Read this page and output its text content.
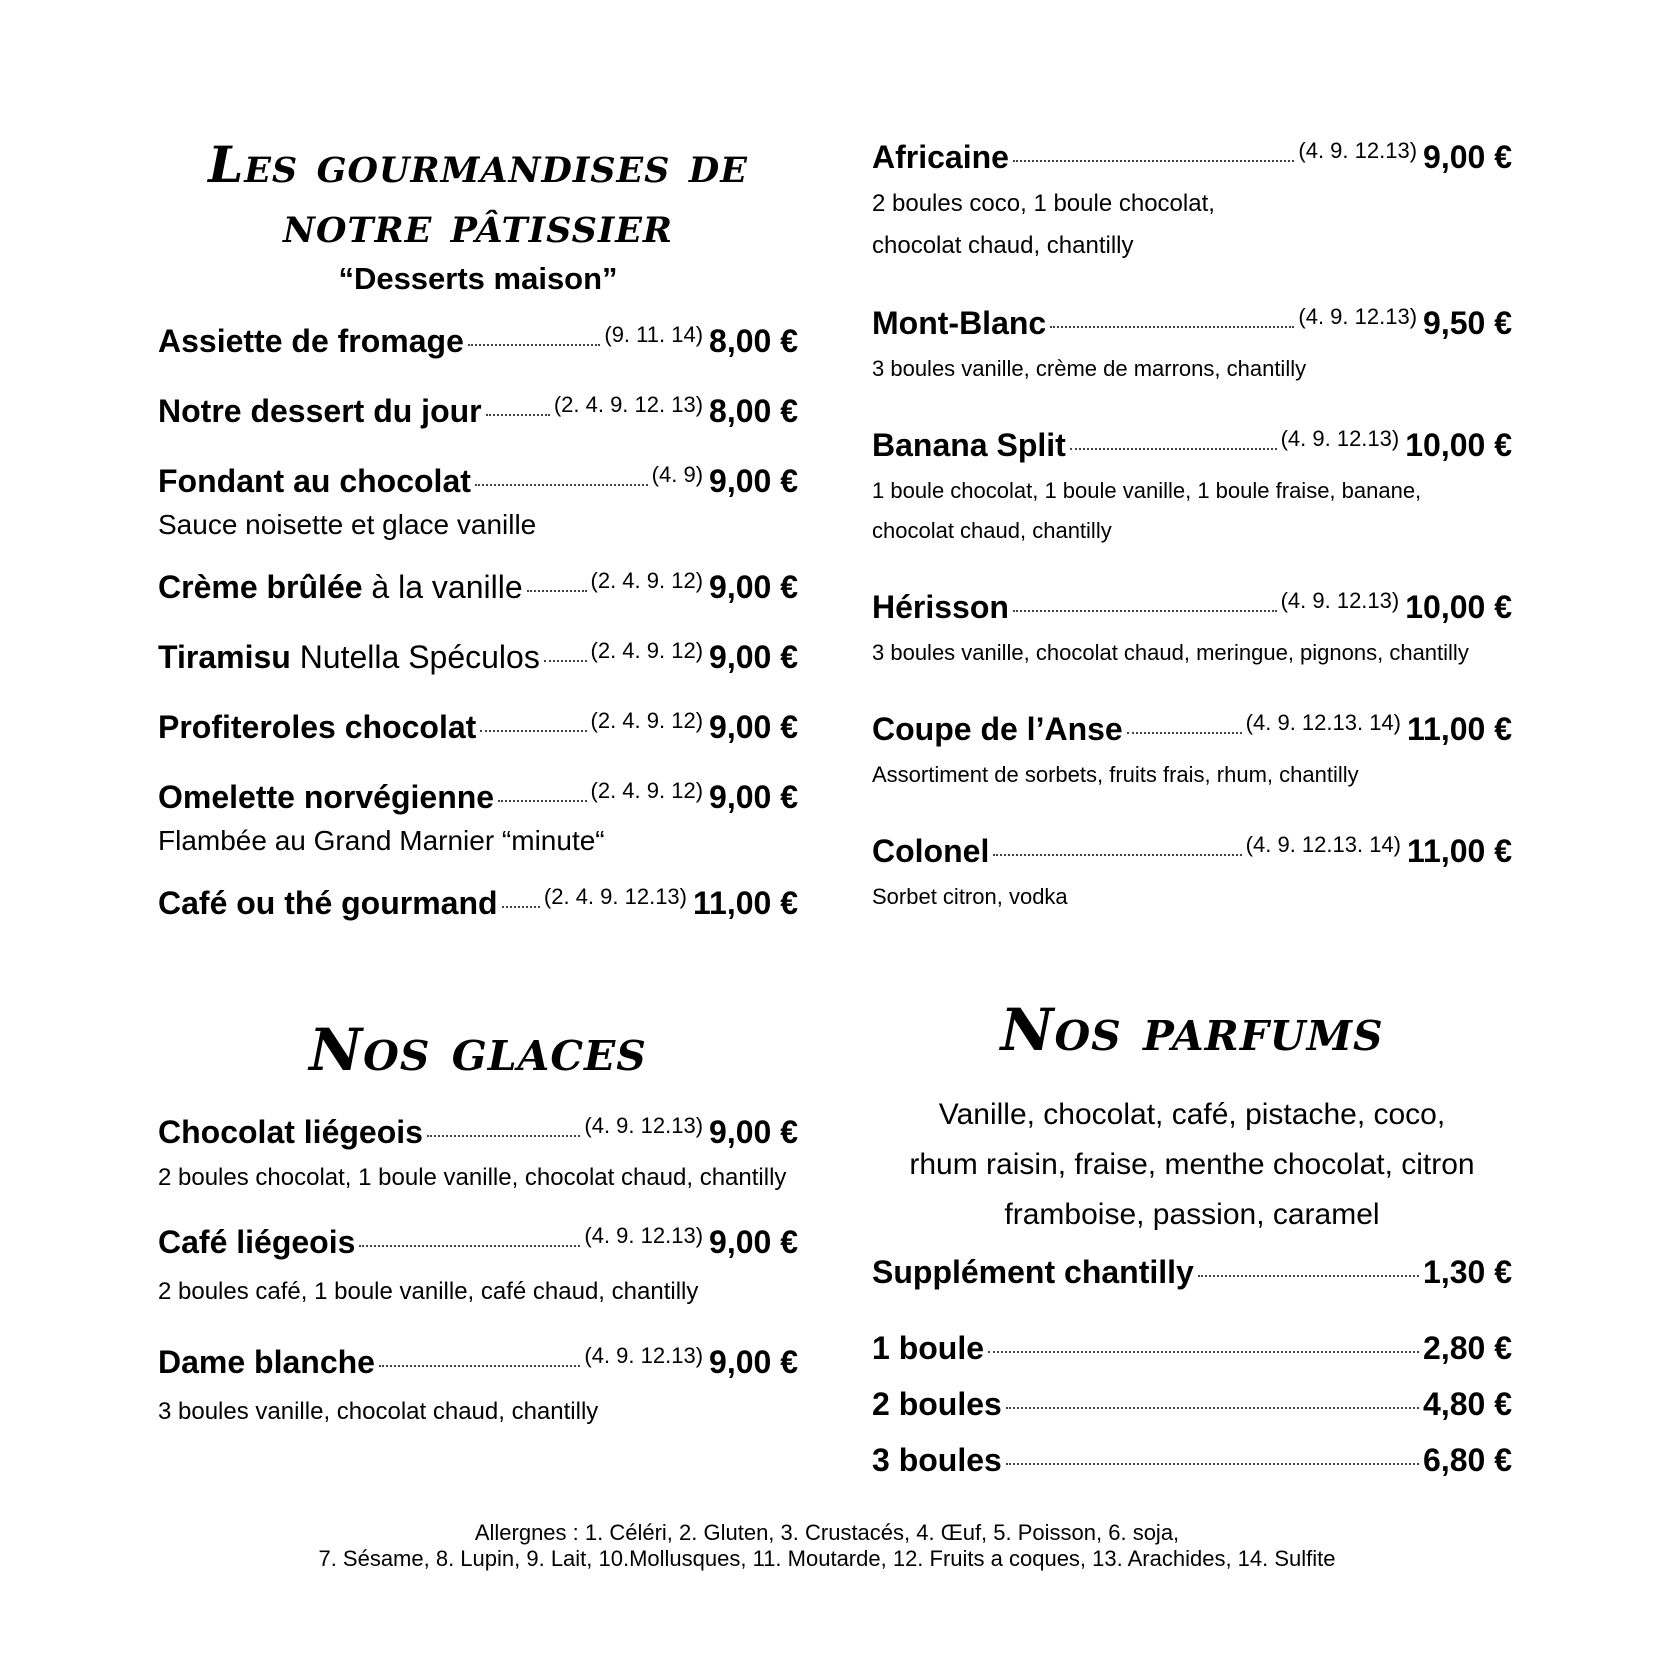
Les gourmandises de
notre pâtissier
“Desserts maison”
Assiette de fromage	(9. 11. 14) 8,00 €
Notre dessert du jour	(2. 4. 9. 12. 13) 8,00 €
Fondant au chocolat	(4. 9) 9,00 €
Sauce noisette et glace vanille
Crème brûlée à la vanille	(2. 4. 9. 12) 9,00 €
Tiramisu Nutella Spéculos (2. 4. 9. 12) 9,00 €
Profiteroles chocolat	(2. 4. 9. 12) 9,00 €
Omelette norvégienne	(2. 4. 9. 12) 9,00 €
Flambée au Grand Marnier “minute“
Café ou thé gourmand (2. 4. 9. 12.13) 11,00 €
Nos glaces
Chocolat liégeois	(4. 9. 12.13) 9,00 €
2 boules chocolat, 1 boule vanille, chocolat chaud, chantilly
Café liégeois	(4. 9. 12.13) 9,00 €
2 boules café, 1 boule vanille, café chaud, chantilly
Dame blanche	(4. 9. 12.13) 9,00 €
3 boules vanille, chocolat chaud, chantilly
Africaine	(4. 9. 12.13) 9,00 €
2 boules coco, 1 boule chocolat,
chocolat chaud, chantilly
Mont-Blanc	(4. 9. 12.13) 9,50 €
3 boules vanille, crème de marrons, chantilly
Banana Split	(4. 9. 12.13) 10,00 €
1 boule chocolat, 1 boule vanille, 1 boule fraise, banane,
chocolat chaud, chantilly
Hérisson	(4. 9. 12.13) 10,00 €
3 boules vanille, chocolat chaud, meringue, pignons, chantilly
Coupe de l’Anse	(4. 9. 12.13. 14) 11,00 €
Assortiment de sorbets, fruits frais, rhum, chantilly
Colonel	(4. 9. 12.13. 14) 11,00 €
Sorbet citron, vodka
Nos parfums
Vanille, chocolat, café, pistache, coco,
rhum raisin, fraise, menthe chocolat, citron
framboise, passion, caramel
Supplément chantilly	1,30 €
1 boule	2,80 €
2 boules	4,80 €
3 boules	6,80 €
Allergnes : 1. Céléri, 2. Gluten, 3. Crustacés, 4. Œuf, 5. Poisson, 6. soja,
7. Sésame, 8. Lupin, 9. Lait, 10.Mollusques, 11. Moutarde, 12. Fruits a coques, 13. Arachides, 14. Sulfite
